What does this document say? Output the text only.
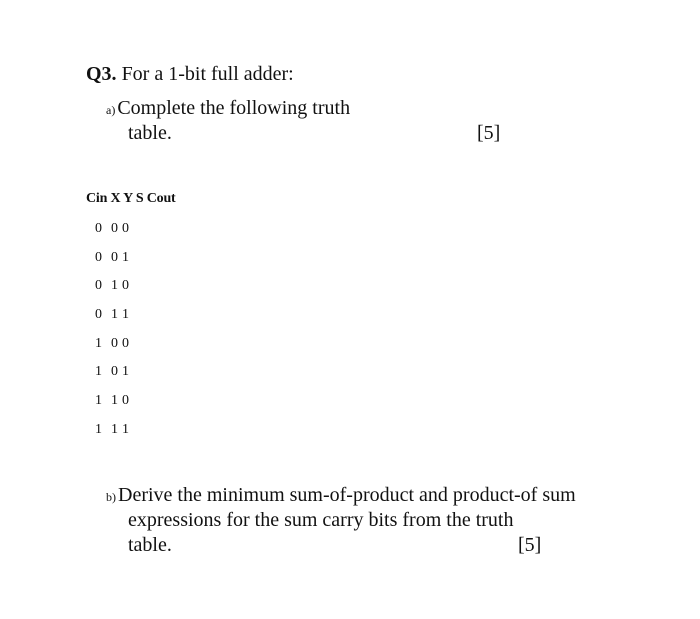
Q3. For a 1-bit full adder:
a) Complete the following truth
table.	[5]
Cin X Y S Cout
0 0 0
0 0 1
0 1 0
0 1 1
1 0 0
1 0 1
1 1 0
1 1 1
b) Derive the minimum sum-of-product and product-of sum
expressions for the sum carry bits from the truth
table.	[5]
